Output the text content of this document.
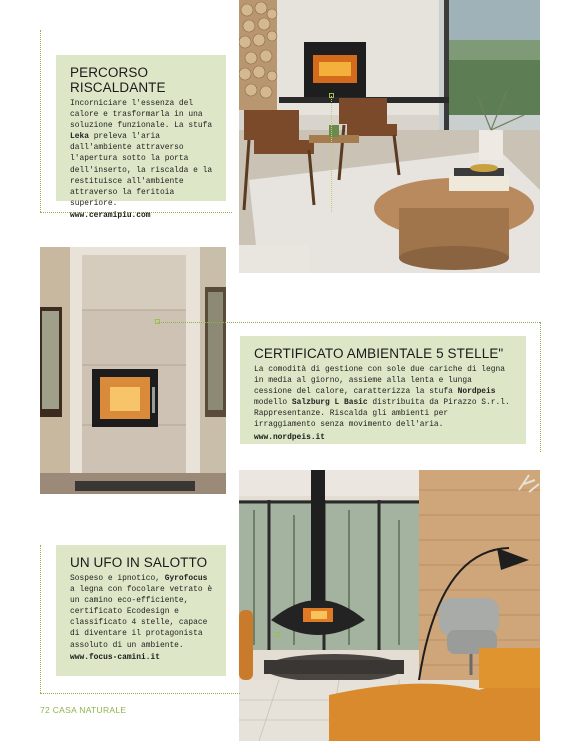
PERCORSO RISCALDANTE

Incorniciare l'essenza del calore e trasformarla in una soluzione funzionale. La stufa Leka preleva l'aria dall'ambiente attraverso l'apertura sotto la porta dell'inserto, la riscalda e la restituisce all'ambiente attraverso la feritoia superiore.

www.ceramipiu.com
CERTIFICATO AMBIENTALE 5 STELLE"

La comodità di gestione con sole due cariche di legna in media al giorno, assieme alla lenta e lunga cessione del calore, caratterizza la stufa Nordpeis modello Salzburg L Basic distribuita da Pirazzo S.r.l. Rappresentanze. Riscalda gli ambienti per irraggiamento senza movimento dell'aria.

www.nordpeis.it
UN UFO IN SALOTTO

Sospeso e ipnotico, Gyrofocus a legna con focolare vetrato è un camino eco-efficiente, certificato Ecodesign e classificato 4 stelle, capace di diventare il protagonista assoluto di un ambiente.

www.focus-camini.it
72 CASA NATURALE
